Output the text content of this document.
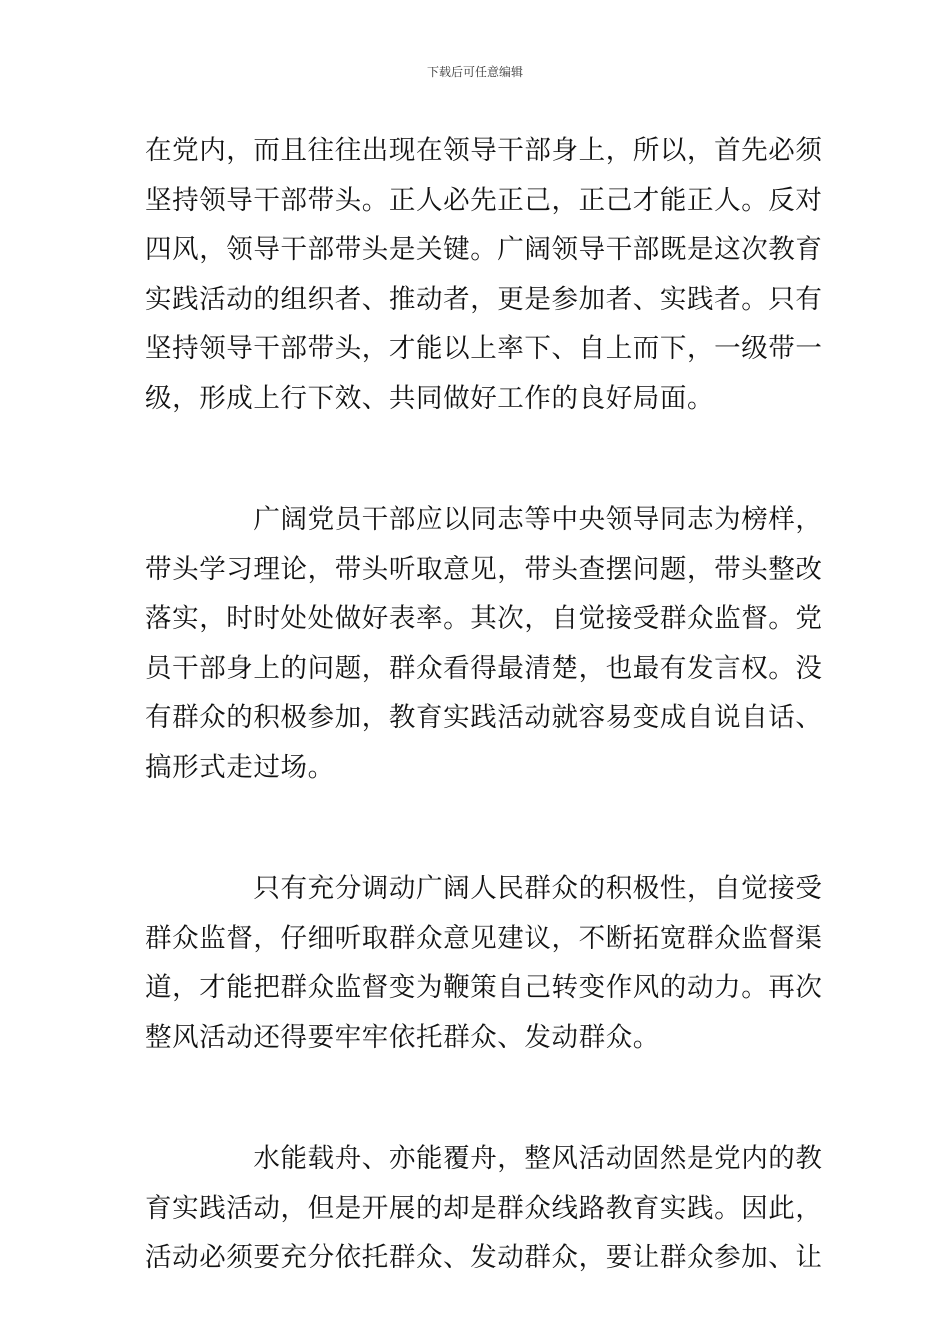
下载后可任意编辑

在党内，而且往往出现在领导干部身上，所以，首先必须
坚持领导干部带头。正人必先正己，正己才能正人。反对
四风，领导干部带头是关键。广阔领导干部既是这次教育
实践活动的组织者、推动者，更是参加者、实践者。只有
坚持领导干部带头，才能以上率下、自上而下，一级带一
级，形成上行下效、共同做好工作的良好局面。

　　　　广阔党员干部应以同志等中央领导同志为榜样，
带头学习理论，带头听取意见，带头查摆问题，带头整改
落实，时时处处做好表率。其次，自觉接受群众监督。党
员干部身上的问题，群众看得最清楚，也最有发言权。没
有群众的积极参加，教育实践活动就容易变成自说自话、
搞形式走过场。

　　　　只有充分调动广阔人民群众的积极性，自觉接受
群众监督，仔细听取群众意见建议，不断拓宽群众监督渠
道，才能把群众监督变为鞭策自己转变作风的动力。再次
整风活动还得要牢牢依托群众、发动群众。

　　　　水能载舟、亦能覆舟，整风活动固然是党内的教
育实践活动，但是开展的却是群众线路教育实践。因此，
活动必须要充分依托群众、发动群众，要让群众参加、让
